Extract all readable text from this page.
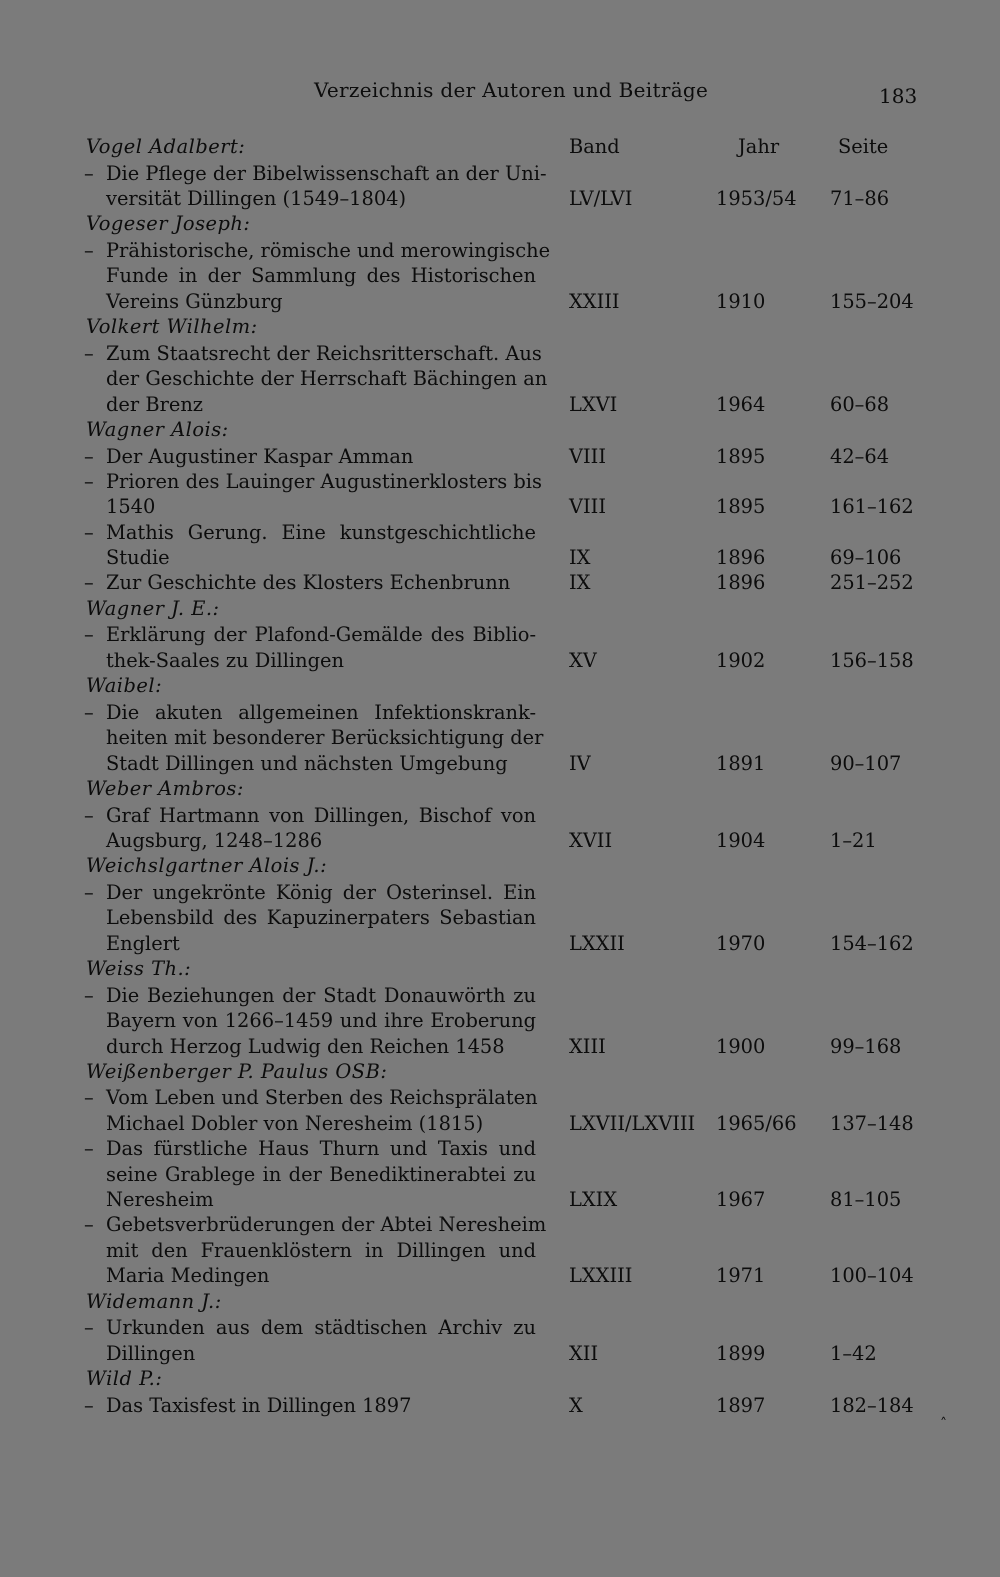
Verzeichnis der Autoren und Beiträge	183
Vogel Adalbert:	Band	Jahr	Seite
– Die Pflege der Bibelwissenschaft an der Uni-
versität Dillingen (1549–1804)	LV/LVI	1953/54 71–86
Vogeser Joseph:
– Prähistorische, römische und merowingische
Funde in der Sammlung des Historischen
Vereins Günzburg	XXIII	1910	155–204
Volkert Wilhelm:
– Zum Staatsrecht der Reichsritterschaft. Aus
der Geschichte der Herrschaft Bächingen an
der Brenz	LXVI	1964	60–68
Wagner Alois:
– Der Augustiner Kaspar Amman	VIII	1895	42–64
– Prioren des Lauinger Augustinerklosters bis
1540	VIII	1895	161–162
– Mathis Gerung. Eine kunstgeschichtliche
Studie	IX	1896	69–106
– Zur Geschichte des Klosters Echenbrunn	IX	1896	251–252
Wagner J. E.:
– Erklärung der Plafond-Gemälde des Biblio-
thek-Saales zu Dillingen	XV	1902	156–158
Waibel:
– Die akuten allgemeinen Infektionskrank-
heiten mit besonderer Berücksichtigung der
Stadt Dillingen und nächsten Umgebung	IV	1891	90–107
Weber Ambros:
– Graf Hartmann von Dillingen, Bischof von
Augsburg, 1248–1286	XVII	1904	1–21
Weichslgartner Alois J.:
– Der ungekrönte König der Osterinsel. Ein
Lebensbild des Kapuzinerpaters Sebastian
Englert	LXXII	1970	154–162
Weiss Th.:
– Die Beziehungen der Stadt Donauwörth zu
Bayern von 1266–1459 und ihre Eroberung
durch Herzog Ludwig den Reichen 1458	XIII	1900	99–168
Weißenberger P. Paulus OSB:
– Vom Leben und Sterben des Reichsprälaten
Michael Dobler von Neresheim (1815)	LXVII/LXVIII 1965/66 137–148
– Das fürstliche Haus Thurn und Taxis und
seine Grablege in der Benediktinerabtei zu
Neresheim	LXIX	1967	81–105
– Gebetsverbrüderungen der Abtei Neresheim
mit den Frauenklöstern in Dillingen und
Maria Medingen	LXXIII	1971	100–104
Widemann J.:
– Urkunden aus dem städtischen Archiv zu
Dillingen	XII	1899	1–42
Wild P.:
– Das Taxisfest in Dillingen 1897	X	1897	182–184 ˰
